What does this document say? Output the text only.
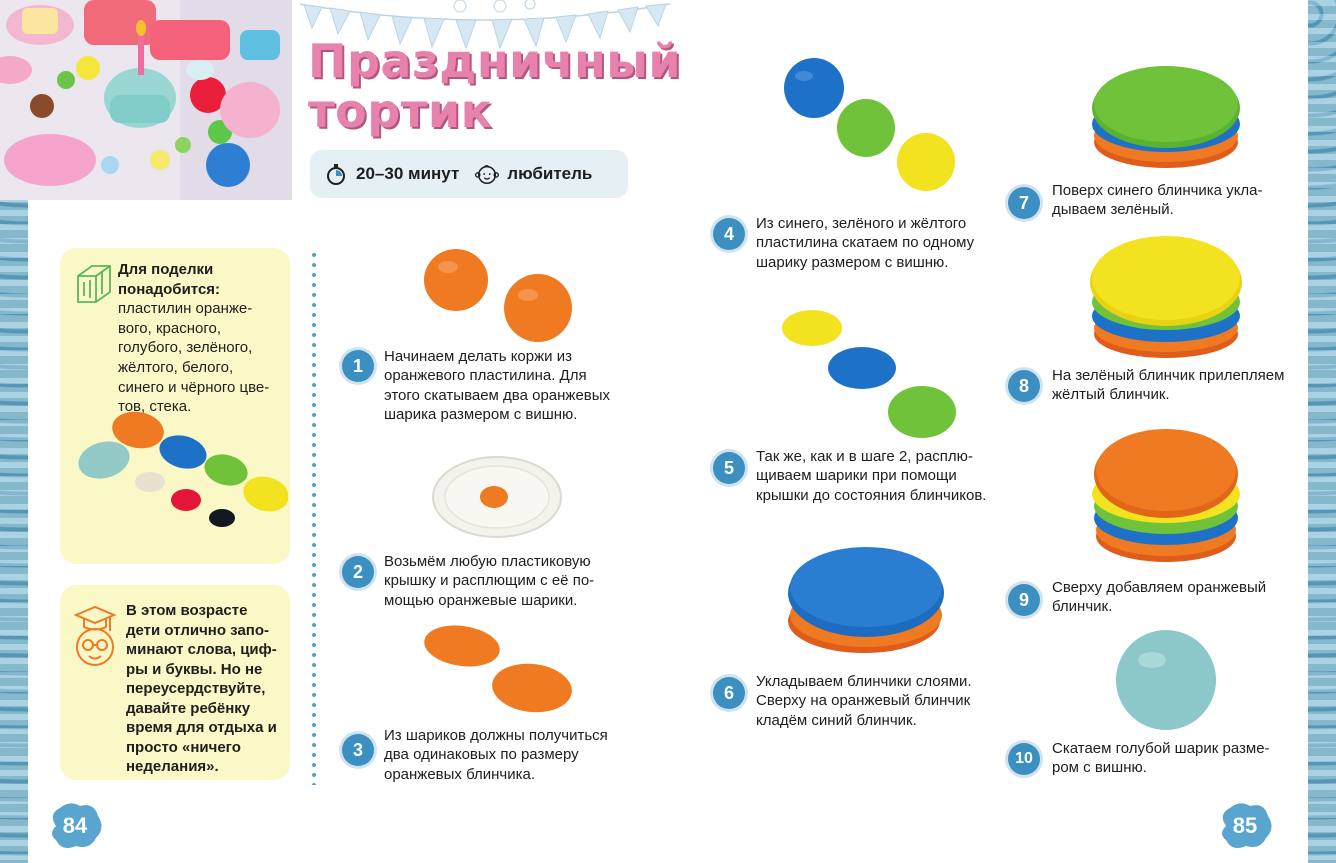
Праздничный
тортик
20–30 минут	любитель
Для поделки понадобится:
пластилин оранжевого, красного, голубого, зелёного, жёлтого, белого, синего и чёрного цветов, стека.
В этом возрасте дети отлично запоминают слова, цифры и буквы. Но не переусердствуйте, давайте ребёнку время для отдыха и просто «ничего неделания».
84	85
1	Начинаем делать коржи из оранжевого пластилина. Для этого скатываем два оранжевых шарика размером с вишню.
2	Возьмём любую пластиковую крышку и расплющим с её помощью оранжевые шарики.
3
Из шариков должны получиться два одинаковых по размеру оранжевых блинчика.
4	Из синего, зелёного и жёлтого пластилина скатаем по одному шарику размером с вишню.
5
Так же, как и в шаге 2, расплющиваем шарики при помощи крышки до состояния блинчиков.
6
Укладываем блинчики слоями. Сверху на оранжевый блинчик кладём синий блинчик.
7
Поверх синего блинчика укладываем зелёный.
8	На зелёный блинчик прилепляем жёлтый блинчик.
9
Сверху добавляем оранжевый блинчик.
10
Скатаем голубой шарик размером с вишню.
